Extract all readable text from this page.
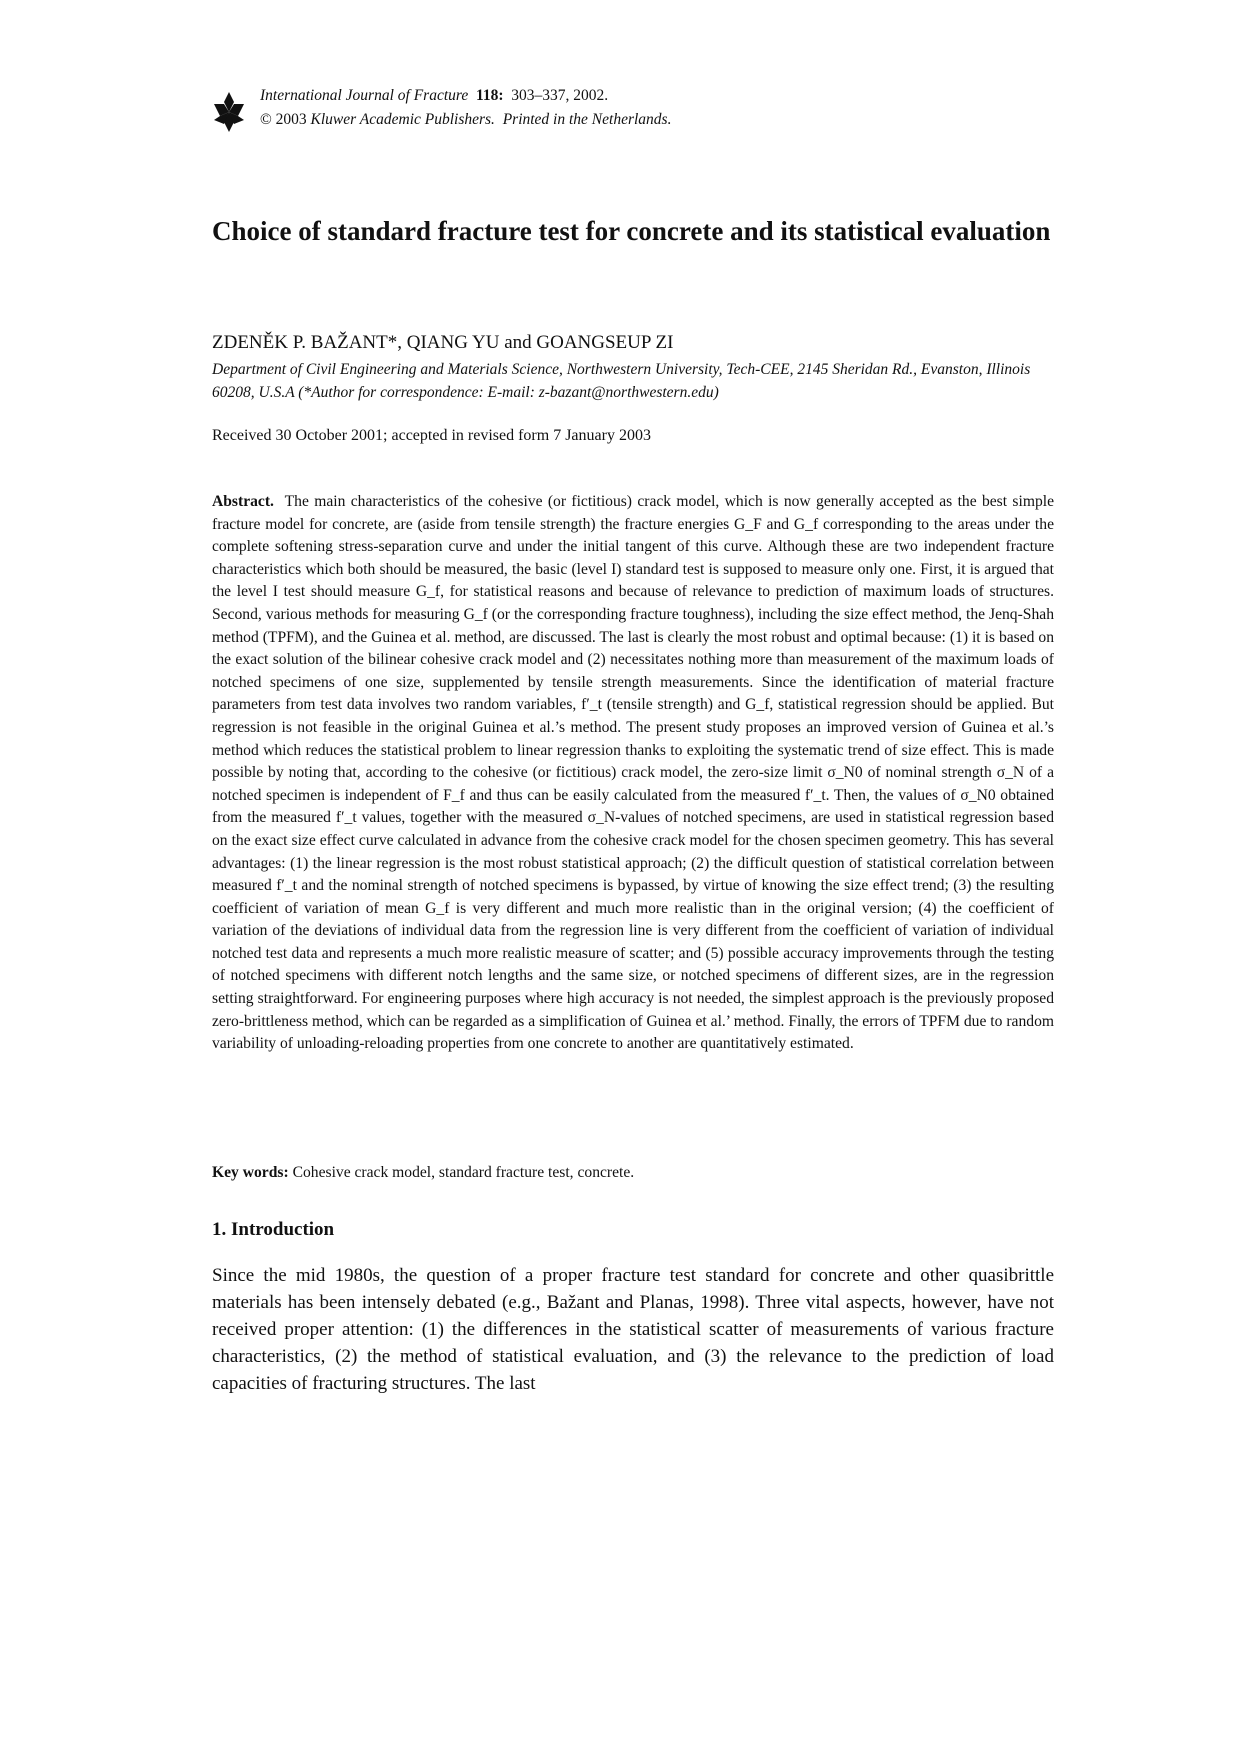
International Journal of Fracture 118: 303–337, 2002.
© 2003 Kluwer Academic Publishers. Printed in the Netherlands.
Choice of standard fracture test for concrete and its statistical evaluation
ZDENĚK P. BAŽANT*, QIANG YU and GOANGSEUP ZI
Department of Civil Engineering and Materials Science, Northwestern University, Tech-CEE, 2145 Sheridan Rd., Evanston, Illinois 60208, U.S.A (*Author for correspondence: E-mail: z-bazant@northwestern.edu)
Received 30 October 2001; accepted in revised form 7 January 2003

Abstract. The main characteristics of the cohesive (or fictitious) crack model, which is now generally accepted as the best simple fracture model for concrete, are (aside from tensile strength) the fracture energies G_F and G_f corresponding to the areas under the complete softening stress-separation curve and under the initial tangent of this curve. Although these are two independent fracture characteristics which both should be measured, the basic (level I) standard test is supposed to measure only one. First, it is argued that the level I test should measure G_f, for statistical reasons and because of relevance to prediction of maximum loads of structures. Second, various methods for measuring G_f (or the corresponding fracture toughness), including the size effect method, the Jenq-Shah method (TPFM), and the Guinea et al. method, are discussed. The last is clearly the most robust and optimal because: (1) it is based on the exact solution of the bilinear cohesive crack model and (2) necessitates nothing more than measurement of the maximum loads of notched specimens of one size, supplemented by tensile strength measurements. Since the identification of material fracture parameters from test data involves two random variables, f′_t (tensile strength) and G_f, statistical regression should be applied. But regression is not feasible in the original Guinea et al.’s method. The present study proposes an improved version of Guinea et al.’s method which reduces the statistical problem to linear regression thanks to exploiting the systematic trend of size effect. This is made possible by noting that, according to the cohesive (or fictitious) crack model, the zero-size limit σ_N0 of nominal strength σ_N of a notched specimen is independent of F_f and thus can be easily calculated from the measured f′_t. Then, the values of σ_N0 obtained from the measured f′_t values, together with the measured σ_N-values of notched specimens, are used in statistical regression based on the exact size effect curve calculated in advance from the cohesive crack model for the chosen specimen geometry. This has several advantages: (1) the linear regression is the most robust statistical approach; (2) the difficult question of statistical correlation between measured f′_t and the nominal strength of notched specimens is bypassed, by virtue of knowing the size effect trend; (3) the resulting coefficient of variation of mean G_f is very different and much more realistic than in the original version; (4) the coefficient of variation of the deviations of individual data from the regression line is very different from the coefficient of variation of individual notched test data and represents a much more realistic measure of scatter; and (5) possible accuracy improvements through the testing of notched specimens with different notch lengths and the same size, or notched specimens of different sizes, are in the regression setting straightforward. For engineering purposes where high accuracy is not needed, the simplest approach is the previously proposed zero-brittleness method, which can be regarded as a simplification of Guinea et al.’ method. Finally, the errors of TPFM due to random variability of unloading-reloading properties from one concrete to another are quantitatively estimated.

Key words: Cohesive crack model, standard fracture test, concrete.
1. Introduction

Since the mid 1980s, the question of a proper fracture test standard for concrete and other quasibrittle materials has been intensely debated (e.g., Bažant and Planas, 1998). Three vital aspects, however, have not received proper attention: (1) the differences in the statistical scatter of measurements of various fracture characteristics, (2) the method of statistical evaluation, and (3) the relevance to the prediction of load capacities of fracturing structures. The last
